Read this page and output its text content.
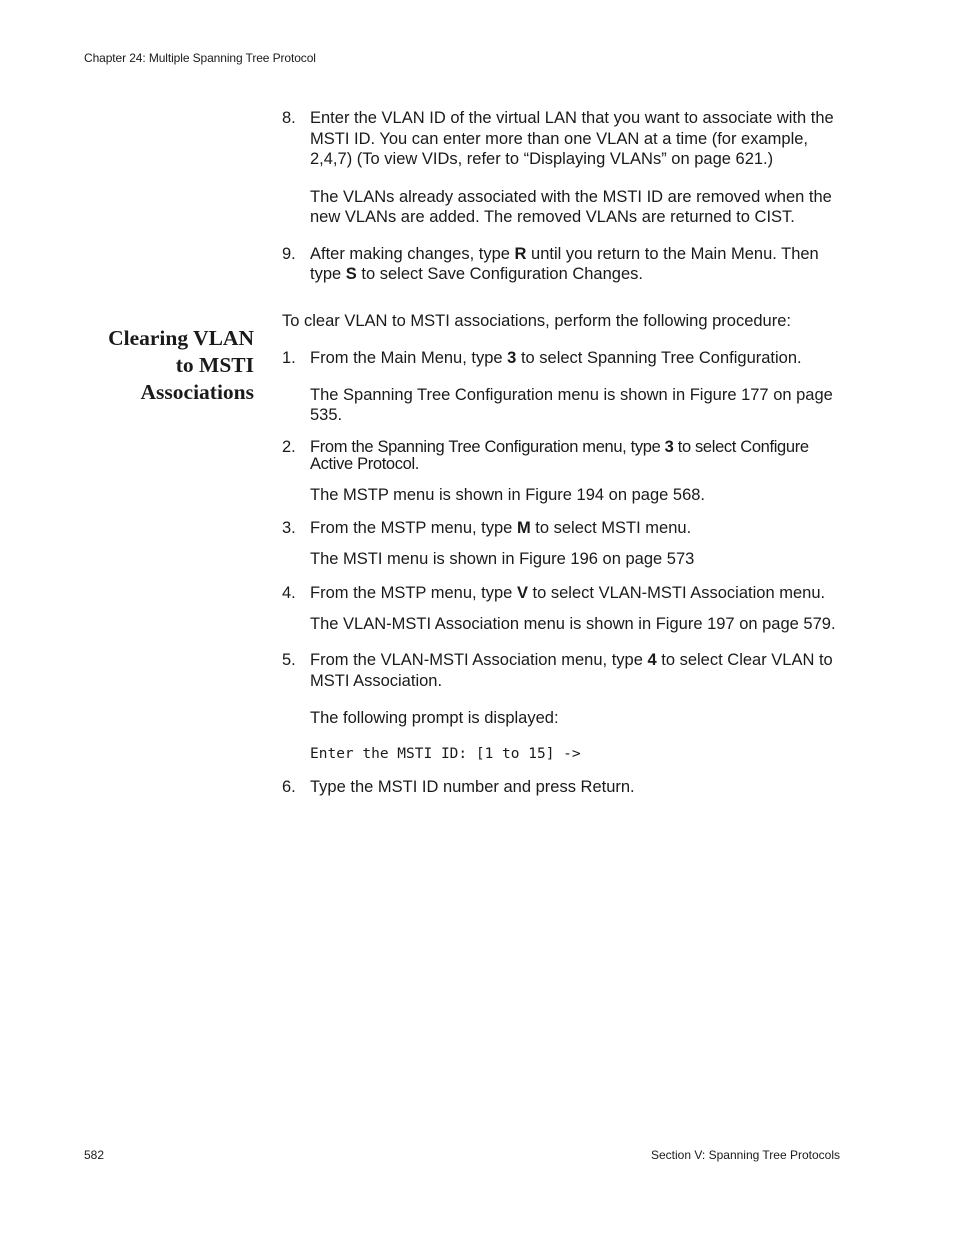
Chapter 24: Multiple Spanning Tree Protocol
Clearing VLAN
to MSTI
Associations
8. Enter the VLAN ID of the virtual LAN that you want to associate with the MSTI ID. You can enter more than one VLAN at a time (for example, 2,4,7) (To view VIDs, refer to “Displaying VLANs” on page 621.)
The VLANs already associated with the MSTI ID are removed when the new VLANs are added. The removed VLANs are returned to CIST.
9. After making changes, type R until you return to the Main Menu. Then type S to select Save Configuration Changes.
To clear VLAN to MSTI associations, perform the following procedure:
1. From the Main Menu, type 3 to select Spanning Tree Configuration.
The Spanning Tree Configuration menu is shown in Figure 177 on page 535.
2. From the Spanning Tree Configuration menu, type 3 to select Configure Active Protocol.
The MSTP menu is shown in Figure 194 on page 568.
3. From the MSTP menu, type M to select MSTI menu.
The MSTI menu is shown in Figure 196 on page 573
4. From the MSTP menu, type V to select VLAN-MSTI Association menu.
The VLAN-MSTI Association menu is shown in Figure 197 on page 579.
5. From the VLAN-MSTI Association menu, type 4 to select Clear VLAN to MSTI Association.
The following prompt is displayed:
Enter the MSTI ID: [1 to 15] ->
6. Type the MSTI ID number and press Return.
582	Section V: Spanning Tree Protocols
